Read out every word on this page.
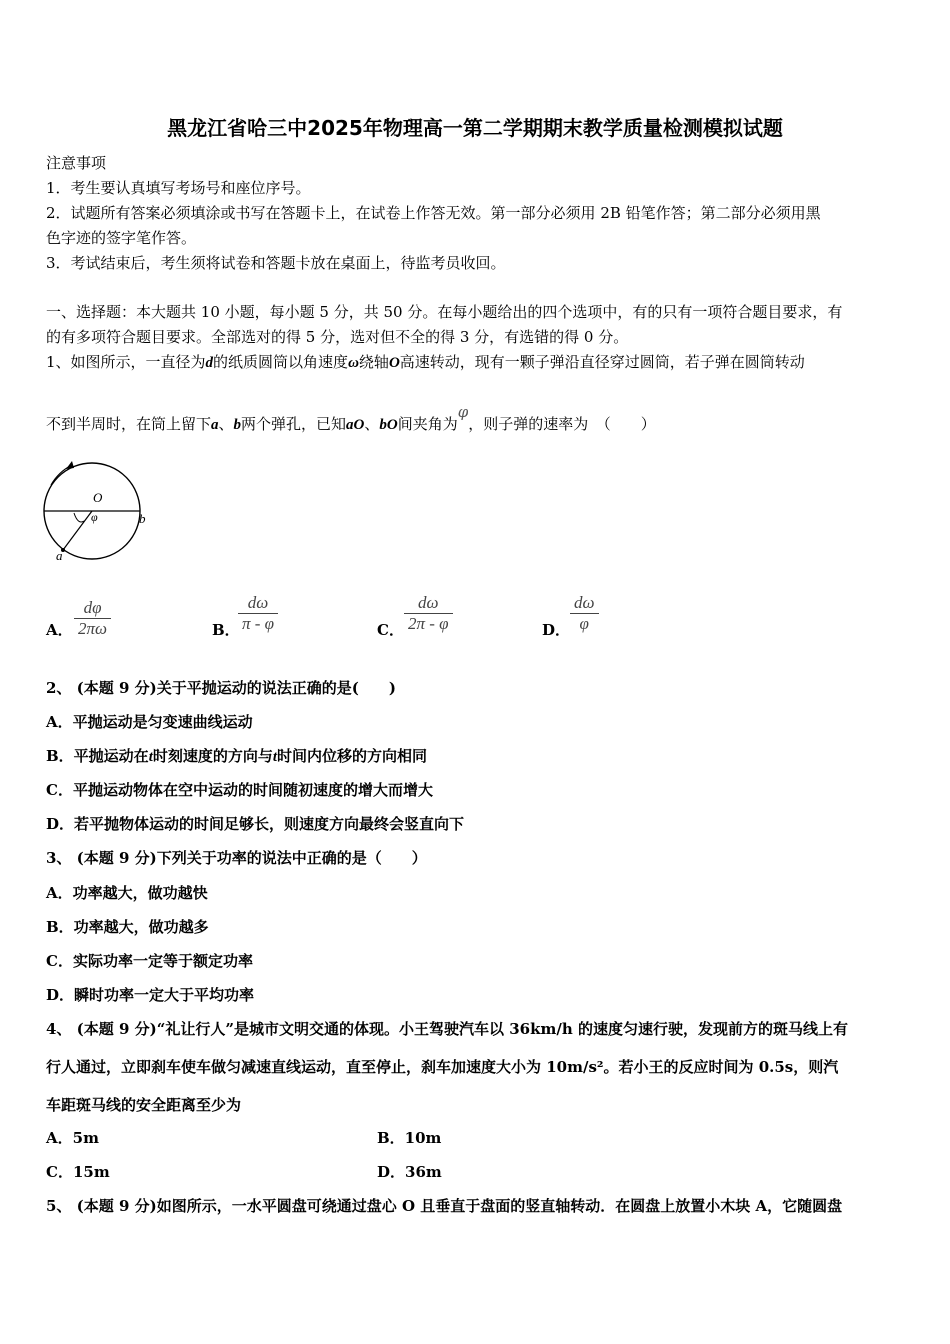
黑龙江省哈三中2025年物理高一第二学期期末教学质量检测模拟试题
注意事项
1．考生要认真填写考场号和座位序号。
2．试题所有答案必须填涂或书写在答题卡上，在试卷上作答无效。第一部分必须用 2B 铅笔作答；第二部分必须用黑
色字迹的签字笔作答。
3．考试结束后，考生须将试卷和答题卡放在桌面上，待监考员收回。
一、选择题：本大题共 10 小题，每小题 5 分，共 50 分。在每小题给出的四个选项中，有的只有一项符合题目要求，有
的有多项符合题目要求。全部选对的得 5 分，选对但不全的得 3 分，有选错的得 0 分。
1、如图所示，一直径为d的纸质圆筒以角速度ω绕轴O高速转动，现有一颗子弹沿直径穿过圆筒，若子弹在圆筒转动
不到半周时，在筒上留下a、b两个弹孔，已知aO、bO间夹角为φ，则子弹的速率为　（　　）
O
φ	b
a
A． $\frac{d\varphi}{2\pi\omega}$	B．
$\frac{d\omega}{\pi - \varphi}$	C． $\frac{d\omega}{2\pi - \varphi}$	D． $\frac{d\omega}{\varphi}$
2、 (本题 9 分)关于平抛运动的说法正确的是(　　)
A．平抛运动是匀变速曲线运动
B．平抛运动在t时刻速度的方向与t时间内位移的方向相同
C．平抛运动物体在空中运动的时间随初速度的增大而增大
D．若平抛物体运动的时间足够长，则速度方向最终会竖直向下
3、 (本题 9 分)下列关于功率的说法中正确的是（　　）
A．功率越大，做功越快
B．功率越大，做功越多
C．实际功率一定等于额定功率
D．瞬时功率一定大于平均功率
4、 (本题 9 分)“礼让行人”是城市文明交通的体现。小王驾驶汽车以 36km/h 的速度匀速行驶，发现前方的斑马线上有
行人通过，立即刹车使车做匀减速直线运动，直至停止，刹车加速度大小为 10m/s²。若小王的反应时间为 0.5s，则汽
车距斑马线的安全距离至少为
A．5m	B．10m
C．15m	D．36m
5、 (本题 9 分)如图所示，一水平圆盘可绕通过盘心 O 且垂直于盘面的竖直轴转动．在圆盘上放置小木块 A，它随圆盘
